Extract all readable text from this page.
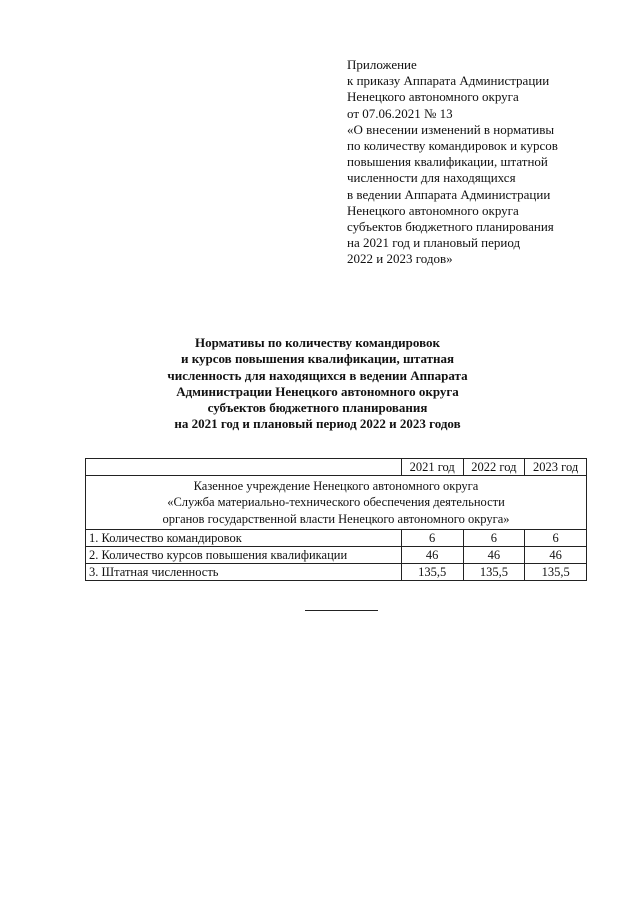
Приложение
к приказу Аппарата Администрации
Ненецкого автономного округа
от 07.06.2021 № 13
«О внесении изменений в нормативы
по количеству командировок и курсов
повышения квалификации, штатной
численности для находящихся
в ведении Аппарата Администрации
Ненецкого автономного округа
субъектов бюджетного планирования
на 2021 год и плановый период
2022 и 2023 годов»
Нормативы по количеству командировок
и курсов повышения квалификации, штатная
численность для находящихся в ведении Аппарата
Администрации Ненецкого автономного округа
субъектов бюджетного планирования
на 2021 год и плановый период 2022 и 2023 годов
	2021 год	2022 год	2023 год

Казенное учреждение Ненецкого автономного округа
«Служба материально-технического обеспечения деятельности
органов государственной власти Ненецкого автономного округа»			

1. Количество командировок	6	6	6
2. Количество курсов повышения квалификации	46	46	46
3. Штатная численность	135,5	135,5	135,5
